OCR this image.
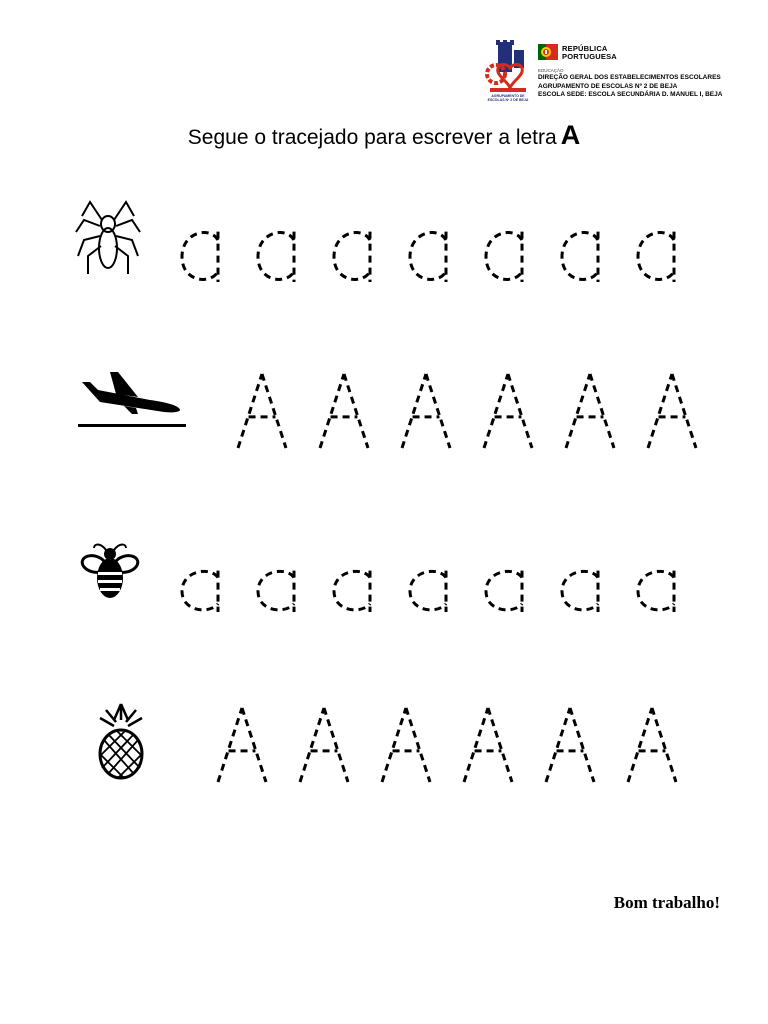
AGRUPAMENTO DE ESCOLAS Nº 2 DE BEJA
REPÚBLICA
PORTUGUESA
EDUCAÇÃO
DIREÇÃO GERAL DOS ESTABELECIMENTOS ESCOLARES
AGRUPAMENTO DE ESCOLAS Nº 2 DE BEJA
ESCOLA SEDE: ESCOLA SECUNDÁRIA D. MANUEL I, BEJA
Segue o tracejado para escrever a letra A
Bom trabalho!
